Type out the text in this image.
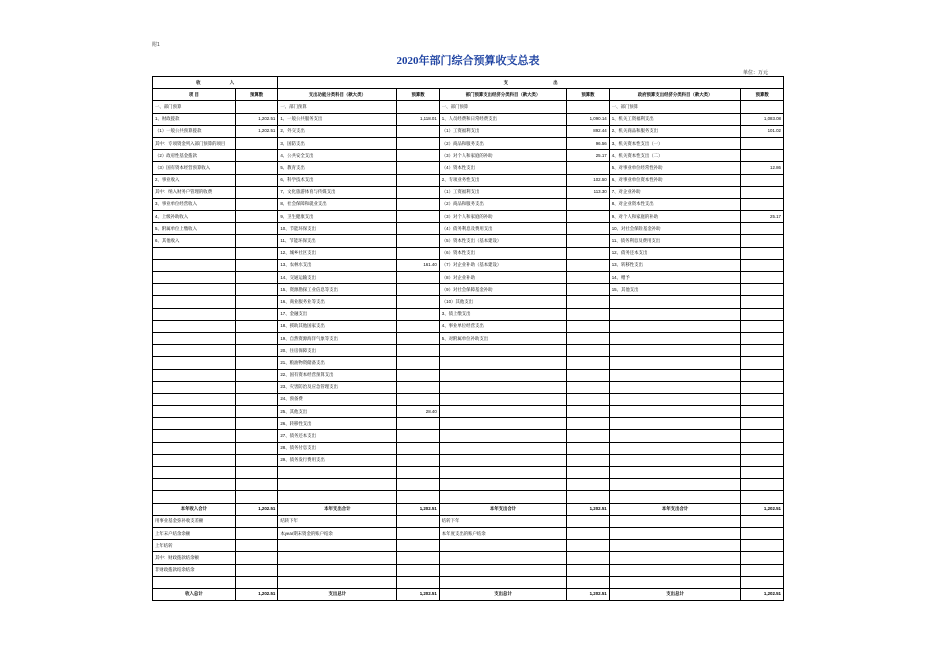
附1
2020年部门综合预算收支总表
单位：万元
收 入		支 出					
项 目	预算数	支出功能分类科目（款大类）	预算数	部门预算支出经济分类科目（款大类）	预算数	政府预算支出经济分类科目（款大类）	预算数
一、部门预算		一、部门预算		一、部门预算		一、部门预算	
1、财政拨款	1,202.51	1、一般公共服务支出	1,118.01	1、人员经费和日常经费支出	1,090.14	1、机关工资福利支出	1,083.08
（1）一般公共预算拨款	1,202.51	2、外交支出		（1）工资福利支出	892.44	2、机关商品和服务支出	101.02
其中：专项资金列入部门预算的项目		3、国防支出		（2）商品和服务支出	96.56	3、机关资本性支出（一）	
（2）政府性基金拨款		4、公共安全支出		（3）对个人和家庭的补助	25.17	4、机关资本性支出（二）	
（3）国有资本经营预算收入		5、教育支出		（4）资本性支出		5、对事业单位经常性补助	12.86
2、事业收入		6、科学技术支出		2、专项业务性支出	102.50	6、对事业单位资本性补助	
其中：纳入财务户管理的收费		7、文化旅游体育与传媒支出		（1）工资福利支出	113.30	7、对企业补助	
3、事业单位经营收入		8、社会保障和就业支出		（2）商品和服务支出		8、对企业资本性支出	
4、上级补助收入		9、卫生健康支出		（3）对个人和家庭的补助		9、对个人和家庭的补助	25.17
5、附属单位上缴收入		10、节能环保支出		（4）债务利息及费用支出		10、对社会保险基金补助	
6、其他收入		11、节能环保支出		（5）资本性支出（基本建设）		11、债务利息及费用支出	
		12、城乡社区支出		（6）资本性支出		12、债务还本支出	
		13、农林水支出	161.40	（7）对企业补助（基本建设）		13、转移性支出	
		14、交通运输支出		（8）对企业补助		14、赠予	
		15、资源勘探工业信息等支出		（9）对社会保障基金补助		15、其他支出	
		16、商业服务业等支出		（10）其他支出			
		17、金融支出		3、债上缴支出			
		18、援助其他国家支出		4、事业单位经营支出			
		19、自然资源海洋气象等支出		5、对附属单位补助支出			
		20、住房保障支出					
		21、粮油物资储备支出					
		22、国有资本经营预算支出					
		23、灾害防治及应急管理支出					
		24、预备费					
		25、其他支出	28.40				
		26、转移性支出					
		27、债务还本支出					
		28、债务付息支出					
		29、债务发行费用支出					

本年收入合计	1,202.51	本年支出合计	1,202.51	本年支出合计	1,202.51	本年支出合计	1,202.51
用事业基金弥补收支差额		结转下年		结转下年			
上年末户结余余额		本year期末资金的账户结余		本年度支出的账户结余			
上年结转							
其中：财政拨款结余额							
非财政拨款结余结余							

收入总计	1,202.51	支出总计	1,202.51	支出总计	1,202.51	支出总计	1,202.51
